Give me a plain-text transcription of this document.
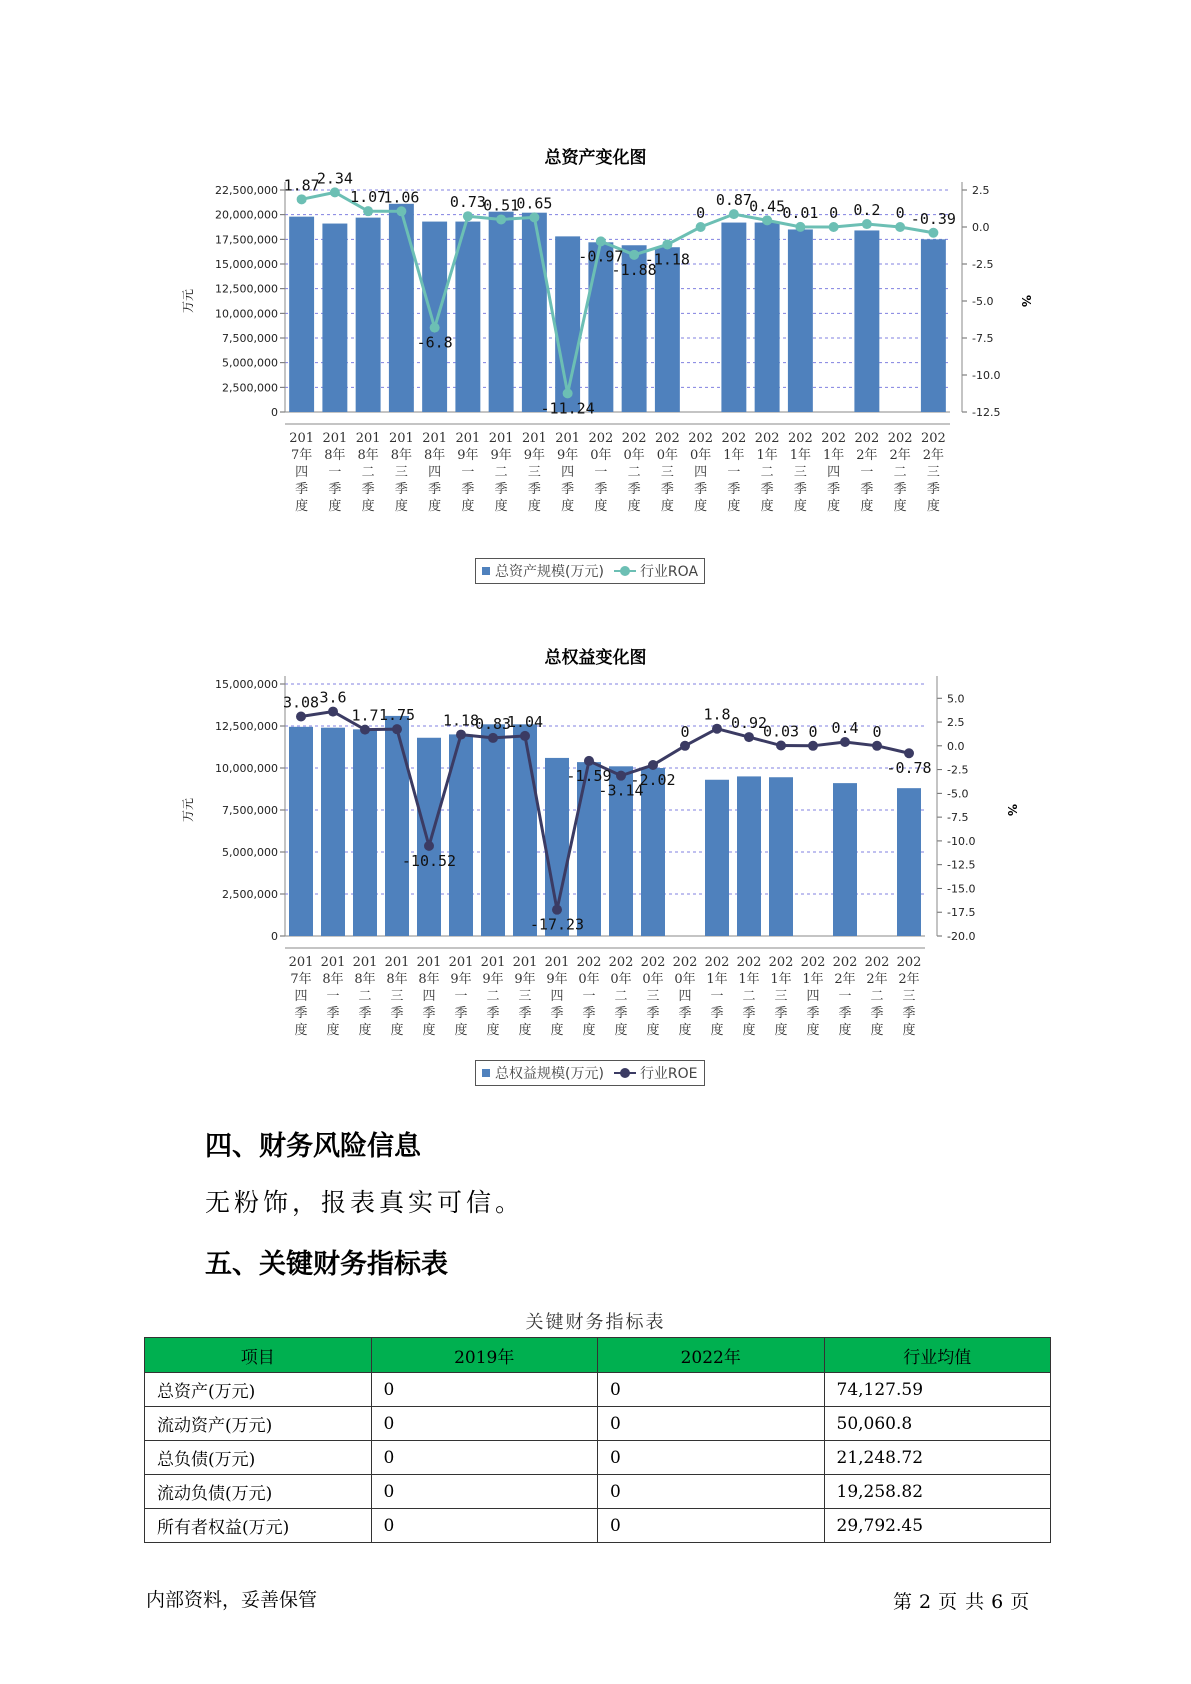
总资产变化图
22,500,000
20,000,000
17,500,000
15,000,000
12,500,000
10,000,000
7,500,000
5,000,000
2,500,000
0
2.5
0.0
-2.5
-5.0
-7.5
-10.0
-12.5
万元	%
201 7年四季度
201 8年一季度
201 8年二季度
201 8年三季度
201 8年四季度
201 9年一季度
201 9年二季度
201 9年三季度
201 9年四季度
202 0年一季度
202 0年二季度
202 0年三季度
202 0年四季度
202 1年一季度
202 1年二季度
202 1年三季度
202 1年四季度
202 2年一季度
202 2年二季度
202 2年三季度
1.87
2.34
1.07
1.06
-6.8
0.73
0.51
0.65
-11.24
-0.97
-1.88
-1.18
0
0.87
0.45
0.01 0 0.2 0 -0.39
总资产规模(万元)	行业ROA
总权益变化图
15,000,000
12,500,000
10,000,000
7,500,000
5,000,000
2,500,000
0
5.0
2.5
0.0
-2.5
-5.0
-7.5
-10.0
-12.5
-15.0
-17.5
-20.0
万元	%
201 7年四季度
201 8年一季度
201 8年二季度
201 8年三季度
201 8年四季度
201 9年一季度
201 9年二季度
201 9年三季度
201 9年四季度
202 0年一季度
202 0年二季度
202 0年三季度
202 0年四季度
202 1年一季度
202 1年二季度
202 1年三季度
202 1年四季度
202 2年一季度
202 2年二季度
202 2年三季度
3.08 3.6
1.7 1.75
-10.52
1.18
0.83
1.04
-17.23
-1.59
-3.14
-2.02
0
1.8 0.92
0.03 0 0.4 0
-0.78
总权益规模(万元)	行业ROE
四、财务风险信息
无粉饰，报表真实可信。
五、关键财务指标表
关键财务指标表
项目	2019年	2022年	行业均值
总资产(万元)	0	0	74,127.59
流动资产(万元)	0	0	50,060.8
总负债(万元)	0	0	21,248.72
流动负债(万元)	0	0	19,258.82
所有者权益(万元)	0	0	29,792.45
内部资料，妥善保管	第 2 页 共 6 页
